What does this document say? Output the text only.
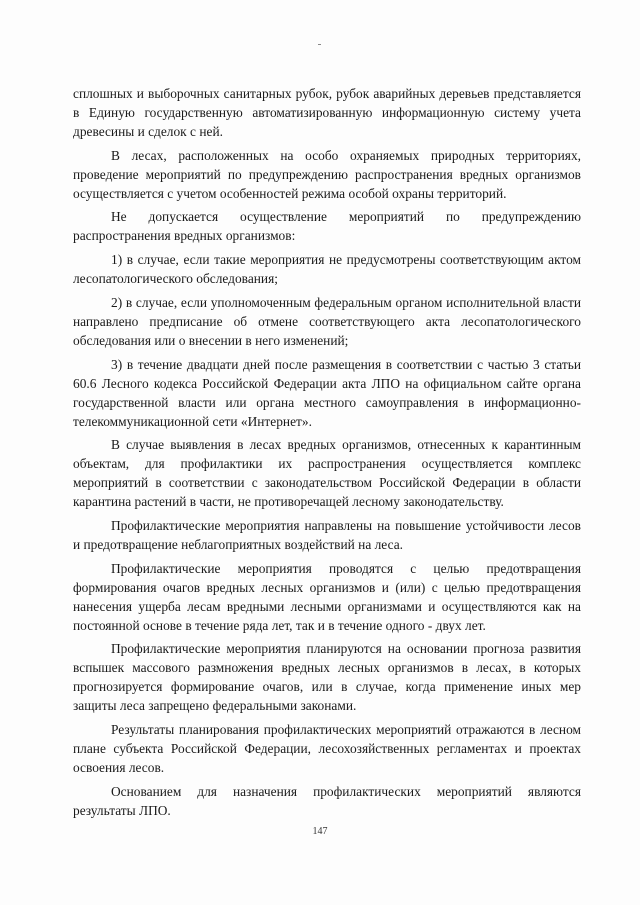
сплошных и выборочных санитарных рубок, рубок аварийных деревьев представляется в Единую государственную автоматизированную информационную систему учета древесины и сделок с ней.

В лесах, расположенных на особо охраняемых природных территориях, проведение мероприятий по предупреждению распространения вредных организмов осуществляется с учетом особенностей режима особой охраны территорий.

Не допускается осуществление мероприятий по предупреждению распространения вредных организмов:

1) в случае, если такие мероприятия не предусмотрены соответствующим актом лесопатологического обследования;

2) в случае, если уполномоченным федеральным органом исполнительной власти направлено предписание об отмене соответствующего акта лесопатологического обследования или о внесении в него изменений;

3) в течение двадцати дней после размещения в соответствии с частью 3 статьи 60.6 Лесного кодекса Российской Федерации акта ЛПО на официальном сайте органа государственной власти или органа местного самоуправления в информационно-телекоммуникационной сети «Интернет».

В случае выявления в лесах вредных организмов, отнесенных к карантинным объектам, для профилактики их распространения осуществляется комплекс мероприятий в соответствии с законодательством Российской Федерации в области карантина растений в части, не противоречащей лесному законодательству.

Профилактические мероприятия направлены на повышение устойчивости лесов и предотвращение неблагоприятных воздействий на леса.

Профилактические мероприятия проводятся с целью предотвращения формирования очагов вредных лесных организмов и (или) с целью предотвращения нанесения ущерба лесам вредными лесными организмами и осуществляются как на постоянной основе в течение ряда лет, так и в течение одного - двух лет.

Профилактические мероприятия планируются на основании прогноза развития вспышек массового размножения вредных лесных организмов в лесах, в которых прогнозируется формирование очагов, или в случае, когда применение иных мер защиты леса запрещено федеральными законами.

Результаты планирования профилактических мероприятий отражаются в лесном плане субъекта Российской Федерации, лесохозяйственных регламентах и проектах освоения лесов.

Основанием для назначения профилактических мероприятий являются результаты ЛПО.

147
